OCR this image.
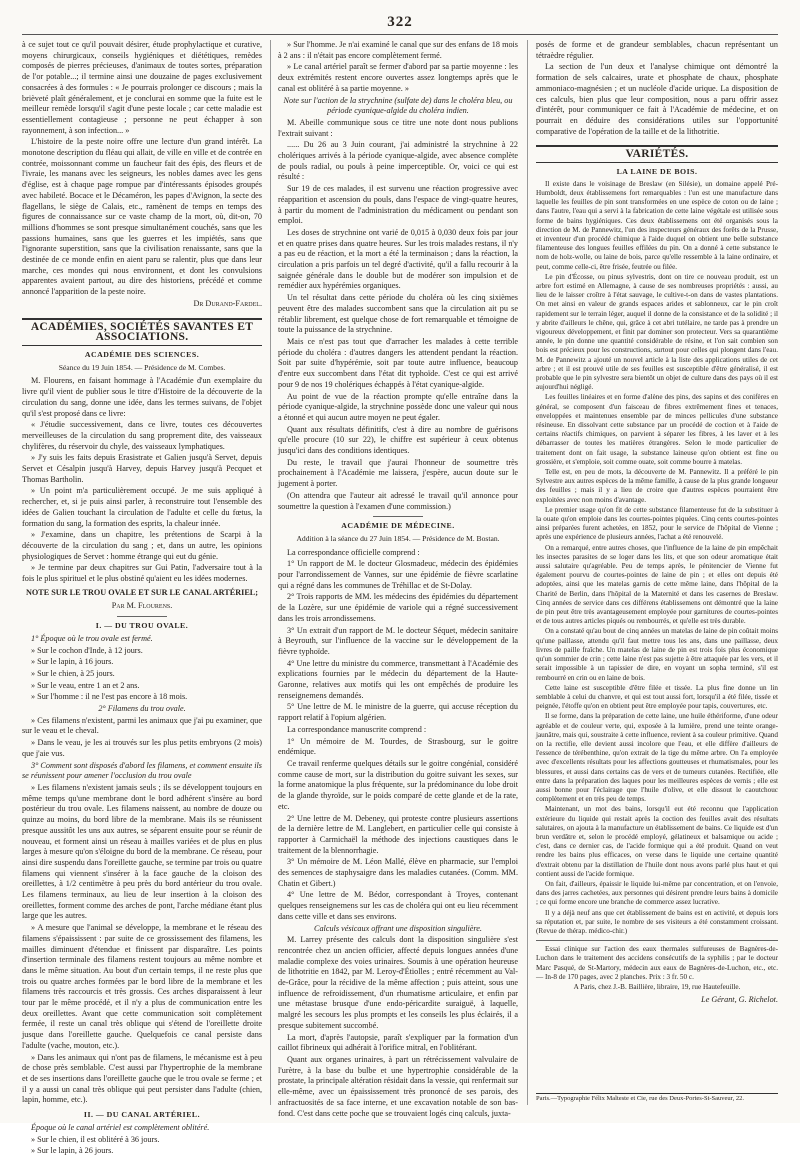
322

à ce sujet tout ce qu'il pouvait désirer, étude prophylactique et curative, moyens chirurgicaux, conseils hygiéniques et diététiques, remèdes composés de pierres précieuses, d'animaux de toutes sortes, préparation de l'or potable...; il termine ainsi une douzaine de pages exclusivement consacrées à des formules : « Je pourrais prolonger ce discours ; mais la brièveté plaît généralement, et je conclurai en somme que la fuite est le meilleur remède lorsqu'il s'agit d'une peste locale ; car cette maladie est essentiellement contagieuse ; personne ne peut échapper à son rayonnement, à son infection... »

L'histoire de la peste noire offre une lecture d'un grand intérêt. La monotone description du fléau qui allait, de ville en ville et de contrée en contrée, moissonnant comme un faucheur fait des épis, des fleurs et de l'ivraie, les manans avec les seigneurs, les nobles dames avec les gens d'église, est à chaque page rompue par d'intéressants épisodes groupés avec habileté. Bocace et le Décaméron, les papes d'Avignon, la secte des flagellans, le siège de Calais, etc., ramènent de temps en temps des figures de connaissance sur ce vaste champ de la mort, où, dit-on, 70 millions d'hommes se sont presque simultanément couchés, sans que les passions humaines, sans que les guerres et les impiétés, sans que l'ignorante superstition, sans que la civilisation renaissante, sans que la destinée de ce monde enfin en aient paru se ralentir, plus que dans leur marche, ces mondes qui nous environnent, et dont les convulsions apparentes avaient partout, au dire des historiens, précédé et comme annoncé l'apparition de la peste noire.

Dr Durand-Fardel.
ACADÉMIES, SOCIÉTÉS SAVANTES ET ASSOCIATIONS.
ACADÉMIE DES SCIENCES.
Séance du 19 Juin 1854. — Présidence de M. Combes.

M. Flourens, en faisant hommage à l'Académie d'un exemplaire du livre qu'il vient de publier sous le titre d'Histoire de la découverte de la circulation du sang, donne une idée, dans les termes suivans, de l'objet qu'il s'est proposé dans ce livre:

« J'étudie successivement, dans ce livre, toutes ces découvertes merveilleuses de la circulation du sang proprement dite, des vaisseaux chylifères, du réservoir du chyle, des vaisseaux lymphatiques.

» J'y suis les faits depuis Erasistrate et Galien jusqu'à Servet, depuis Servet et Césalpin jusqu'à Harvey, depuis Harvey jusqu'à Pecquet et Thomas Bartholin.

» Un point m'a particulièrement occupé. Je me suis appliqué à rechercher, et, si je puis ainsi parler, à reconstruire tout l'ensemble des idées de Galien touchant la circulation de l'adulte et celle du fœtus, la formation du sang, la formation des esprits, la chaleur innée.

» J'examine, dans un chapitre, les prétentions de Scarpi à la découverte de la circulation du sang ; et, dans un autre, les opinions physiologiques de Servet : homme étrange qui eut du génie.

» Je termine par deux chapitres sur Gui Patin, l'adversaire tout à la fois le plus spirituel et le plus obstiné qu'aient eu les idées modernes.

NOTE SUR LE TROU OVALE ET SUR LE CANAL ARTÉRIEL;
Par M. Flourens.
I. — DU TROU OVALE.

1° Époque où le trou ovale est fermé.

» Sur le cochon d'Inde, à 12 jours.

» Sur le lapin, à 16 jours.

» Sur le chien, à 25 jours.

» Sur le veau, entre 1 an et 2 ans.

» Sur l'homme : il ne l'est pas encore à 18 mois.

2° Filamens du trou ovale.

» Ces filamens n'existent, parmi les animaux que j'ai pu examiner, que sur le veau et le cheval.

» Dans le veau, je les ai trouvés sur les plus petits embryons (2 mois) que j'aie vus.

3° Comment sont disposés d'abord les filamens, et comment ensuite ils se réunissent pour amener l'occlusion du trou ovale

» Les filamens n'existent jamais seuls ; ils se développent toujours en même temps qu'une membrane dont le bord adhérent s'insère au bord postérieur du trou ovale. Les filamens naissent, au nombre de douze ou quinze au moins, du bord libre de la membrane. Mais ils se réunissent presque aussitôt les uns aux autres, se séparent ensuite pour se réunir de nouveau, et forment ainsi un réseau à mailles variées et de plus en plus larges à mesure qu'on s'éloigne du bord de la membrane. Ce réseau, pour ainsi dire suspendu dans l'oreillette gauche, se termine par trois ou quatre filamens qui viennent s'insérer à la face gauche de la cloison des oreillettes, à 1/2 centimètre à peu près du bord antérieur du trou ovale. Les filamens terminaux, au lieu de leur insertion à la cloison des oreillettes, forment comme des arches de pont, l'arche médiane étant plus large que les autres.

» A mesure que l'animal se développe, la membrane et le réseau des filamens s'épaississent : par suite de ce grossissement des filamens, les mailles diminuent d'étendue et finissent par disparaître. Les points d'insertion terminale des filamens restent toujours au même nombre et dans le même situation. Au bout d'un certain temps, il ne reste plus que trois ou quatre arches formées par le bord libre de la membrane et les filamens très raccourcis et très grossis. Ces arches disparaissent à leur tour par le même procédé, et il n'y a plus de communication entre les deux oreillettes. Avant que cette communication soit complètement fermée, il reste un canal très oblique qui s'étend de l'oreillette droite jusque dans l'oreillette gauche. Quelquefois ce canal persiste dans l'adulte (vache, mouton, etc.).

» Dans les animaux qui n'ont pas de filamens, le mécanisme est à peu de chose près semblable. C'est aussi par l'hypertrophie de la membrane et de ses insertions dans l'oreillette gauche que le trou ovale se ferme ; et il y a aussi un canal très oblique qui peut persister dans l'adulte (chien, lapin, homme, etc.).

II. — DU CANAL ARTÉRIEL.

Époque où le canal artériel est complètement oblitéré.

» Sur le chien, il est oblitéré à 36 jours.

» Sur le lapin, à 26 jours.

» Sur l'homme. Je n'ai examiné le canal que sur des enfans de 18 mois à 2 ans : il n'était pas encore complètement fermé.

» Le canal artériel paraît se fermer d'abord par sa partie moyenne : les deux extrémités restent encore ouvertes assez longtemps après que le canal est oblitéré à sa partie moyenne. »

Note sur l'action de la strychnine (sulfate de) dans le choléra bleu, ou période cyanique-algide du choléra indien.

M. Abeille communique sous ce titre une note dont nous publions l'extrait suivant :

...... Du 26 au 3 Juin courant, j'ai administré la strychnine à 22 cholériques arrivés à la période cyanique-algide, avec absence complète de pouls radial, ou pouls à peine imperceptible. Or, voici ce qui est résulté :

Sur 19 de ces malades, il est survenu une réaction progressive avec réapparition et ascension du pouls, dans l'espace de vingt-quatre heures, à partir du moment de l'administration du médicament ou pendant son emploi.

Les doses de strychnine ont varié de 0,015 à 0,030 deux fois par jour et en quatre prises dans quatre heures. Sur les trois malades restans, il n'y a pas eu de réaction, et la mort a été la terminaison ; dans la réaction, la circulation a pris parfois un tel degré d'activité, qu'il a fallu recourir à la saignée générale dans le double but de modérer son impulsion et de remédier aux hypérémies organiques.

Un tel résultat dans cette période du choléra où les cinq sixièmes peuvent être des malades succombent sans que la circulation ait pu se rétablir librement, est quelque chose de fort remarquable et témoigne de toute la puissance de la strychnine.

Mais ce n'est pas tout que d'arracher les malades à cette terrible période du choléra : d'autres dangers les attendent pendant la réaction. Soit par suite d'hypérémie, soit par toute autre influence, beaucoup d'entre eux succombent dans l'état dit typhoïde. C'est ce qui est arrivé pour 9 de nos 19 cholériques échappés à l'état cyanique-algide.

Au point de vue de la réaction prompte qu'elle entraîne dans la période cyanique-algide, la strychnine possède donc une valeur qui nous a étonné et qui aucun autre moyen ne peut égaler.

Quant aux résultats définitifs, c'est à dire au nombre de guérisons qu'elle procure (10 sur 22), le chiffre est supérieur à ceux obtenus jusqu'ici dans des conditions identiques.

Du reste, le travail que j'aurai l'honneur de soumettre très prochainement à l'Académie me laissera, j'espère, aucun doute sur le jugement à porter.

(On attendra que l'auteur ait adressé le travail qu'il annonce pour soumettre la question à l'examen d'une commission.)

ACADÉMIE DE MÉDECINE.
Addition à la séance du 27 Juin 1854. — Présidence de M. Bostan.

La correspondance officielle comprend :

1° Un rapport de M. le docteur Glosmadeuc, médecin des épidémies pour l'arrondissement de Vannes, sur une épidémie de fièvre scarlatine qui a régné dans les communes de Tréhillac et de St-Dolay.

2° Trois rapports de MM. les médecins des épidémies du département de la Lozère, sur une épidémie de variole qui a régné successivement dans les trois arrondissemens.

3° Un extrait d'un rapport de M. le docteur Séquet, médecin sanitaire à Beyrouth, sur l'influence de la vaccine sur le développement de la fièvre typhoïde.

4° Une lettre du ministre du commerce, transmettant à l'Académie des explications fournies par le médecin du département de la Haute-Garonne, relatives aux motifs qui les ont empêchés de produire les renseignemens demandés.

5° Une lettre de M. le ministre de la guerre, qui accuse réception du rapport relatif à l'opium algérien.

La correspondance manuscrite comprend :

1° Un mémoire de M. Tourdes, de Strasbourg, sur le goitre endémique.

Ce travail renferme quelques détails sur le goitre congénial, considéré comme cause de mort, sur la distribution du goitre suivant les sexes, sur la forme anatomique la plus fréquente, sur la prédominance du lobe droit de la glande thyroïde, sur le poids comparé de cette glande et de la rate, etc.

2° Une lettre de M. Debeney, qui proteste contre plusieurs assertions de la dernière lettre de M. Langlebert, en particulier celle qui consiste à rapporter à Carmichaël la méthode des injections caustiques dans le traitement de la blennorrhagie.

3° Un mémoire de M. Léon Mallé, élève en pharmacie, sur l'emploi des semences de staphysaigre dans les maladies cutanées. (Comm. MM. Chatin et Gibert.)

4° Une lettre de M. Bédor, correspondant à Troyes, contenant quelques renseignemens sur les cas de choléra qui ont eu lieu récemment dans cette ville et dans ses environs.

Calculs vésicaux offrant une disposition singulière.

M. Larrey présente des calculs dont la disposition singulière s'est rencontrée chez un ancien officier, affecté depuis longues années d'une maladie complexe des voies urinaires. Soumis à une opération heureuse de lithotritie en 1842, par M. Leroy-d'Étiolles ; entré récemment au Val-de-Grâce, pour la récidive de la même affection ; puis atteint, sous une influence de refroidissement, d'un rhumatisme articulaire, et enfin par une métastase brusque d'une endo-péricardite suraiguë, à laquelle, malgré les secours les plus prompts et les conseils les plus éclairés, il a presque subitement succombé.

La mort, d'après l'autopsie, paraît s'expliquer par la formation d'un caillot fibrineux qui adhérait à l'orifice mitral, en l'oblitérant.

Quant aux organes urinaires, à part un rétrécissement valvulaire de l'urètre, à la base du bulbe et une hypertrophie considérable de la prostate, la principale altération résidait dans la vessie, qui renfermait sur elle-même, avec un épaississement très prononcé de ses parois, des anfractuosités de sa face interne, et une excavation notable de son bas-fond. C'est dans cette poche que se trouvaient logés cinq calculs, juxta-

posés de forme et de grandeur semblables, chacun représentant un tétraèdre régulier.

La section de l'un deux et l'analyse chimique ont démontré la formation de sels calcaires, urate et phosphate de chaux, phosphate ammoniaco-magnésien ; et un nucléole d'acide urique. La disposition de ces calculs, bien plus que leur composition, nous a paru offrir assez d'intérêt, pour communiquer ce fait à l'Académie de médecine, et on pourrait en déduire des considérations utiles sur l'opportunité comparative de l'opération de la taille et de la lithotritie.

VARIÉTÉS.
LA LAINE DE BOIS.

Il existe dans le voisinage de Breslaw (en Silésie), un domaine appelé Pré-Humboldt, deux établissemens fort remarquables : l'un est une manufacture dans laquelle les feuilles de pin sont transformées en une espèce de coton ou de laine ; dans l'autre, l'eau qui a servi à la fabrication de cette laine végétale est utilisée sous forme de bains hygiéniques. Ces deux établissemens ont été organisés sous la direction de M. de Pannewitz, l'un des inspecteurs généraux des forêts de la Prusse, et inventeur d'un procédé chimique à l'aide duquel on obtient une belle substance filamenteuse des longues feuilles effilées du pin. On a donné à cette substance le nom de holz-wolle, ou laine de bois, parce qu'elle ressemble à la laine ordinaire, et peut, comme celle-ci, être frisée, feutrée ou filée.

Le pin d'Écosse, ou pinus sylvestris, dont on tire ce nouveau produit, est un arbre fort estimé en Allemagne, à cause de ses nombreuses propriétés : aussi, au lieu de le laisser croître à l'état sauvage, le cultive-t-on dans de vastes plantations. On met ainsi en valeur de grands espaces arides et sablonneux, car le pin croît rapidement sur le terrain léger, auquel il donne de la consistance et de la solidité ; il y abrite d'ailleurs le chêne, qui, grâce à cet abri tutélaire, ne tarde pas à prendre un vigoureux développement, et finit par dominer son protecteur. Vers sa quarantième année, le pin donne une quantité considérable de résine, et l'on sait combien son bois est précieux pour les constructions, surtout pour celles qui plongent dans l'eau. M. de Pannewitz a ajouté un nouvel article à la liste des applications utiles de cet arbre ; et il est prouvé utile de ses feuilles est susceptible d'être généralisé, il est probable que le pin sylvestre sera bientôt un objet de culture dans des pays où il est aujourd'hui négligé.

Les feuilles linéaires et en forme d'alène des pins, des sapins et des conifères en général, se composent d'un faisceau de fibres extrêmement fines et tenaces, enveloppées et maintenues ensemble par de minces pellicules d'une substance résineuse. En dissolvant cette substance par un procédé de coction et à l'aide de certains réactifs chimiques, on parvient à séparer les fibres, à les laver et à les débarrasser de toutes les matières étrangères. Selon le mode particulier de traitement dont on fait usage, la substance laineuse qu'on obtient est fine ou grossière, et s'emploie, soit comme ouate, soit comme bourre à matelas.

Telle est, en peu de mots, la découverte de M. Pannewitz. Il a préféré le pin Sylvestre aux autres espèces de la même famille, à cause de la plus grande longueur des feuilles ; mais il y a lieu de croire que d'autres espèces pourraient être exploitées avec non moins d'avantage.

Le premier usage qu'on fit de cette substance filamenteuse fut de la substituer à la ouate qu'on emploie dans les courtes-pointes piquées. Cinq cents courtes-pointes ainsi préparées furent achetées, en 1852, pour le service de l'hôpital de Vienne ; après une expérience de plusieurs années, l'achat a été renouvelé.

On a remarqué, entre autres choses, que l'influence de la laine de pin empêchait les insectes parasites de se loger dans les lits, et que son odeur aromatique était aussi salutaire qu'agréable. Peu de temps après, le pénitencier de Vienne fut également pourvu de courtes-pointes de laine de pin ; et elles ont depuis été adoptées, ainsi que les matelas garnis de cette même laine, dans l'hôpital de la Charité de Berlin, dans l'hôpital de la Maternité et dans les casernes de Breslaw. Cinq années de service dans ces différens établissemens ont démontré que la laine de pin peut être très avantageusement employée pour garnitures de courtes-pointes et de tous autres articles piqués ou rembourrés, et qu'elle est très durable.

On a constaté qu'au bout de cinq années un matelas de laine de pin coûtait moins qu'une paillasse, attendu qu'il faut mettre tous les ans, dans une paillasse, deux livres de paille fraîche. Un matelas de laine de pin est trois fois plus économique qu'un sommier de crin ; cette laine n'est pas sujette à être attaquée par les vers, et il serait impossible à un tapissier de dire, en voyant un sopha terminé, s'il est rembourré en crin ou en laine de bois.

Cette laine est susceptible d'être filée et tissée. La plus fine donne un lin semblable à celui du chanvre, et qui est tout aussi fort, lorsqu'il a été filée, tissée et peignée, l'étoffe qu'on en obtient peut être employée pour tapis, couvertures, etc.

Il se forme, dans la préparation de cette laine, une huile éthériforme, d'une odeur agréable et de couleur verte, qui, exposée à la lumière, prend une teinte orange-jaunâtre, mais qui, soustraite à cette influence, revient à sa couleur primitive. Quand on la rectifie, elle devient aussi incolore que l'eau, et elle diffère d'ailleurs de l'essence de térébenthine, qu'on extrait de la tige du même arbre. On l'a employée avec d'excellents résultats pour les affections goutteuses et rhumatismales, pour les blessures, et aussi dans certains cas de vers et de tumeurs cutanées. Rectifiée, elle entre dans la préparation des laques pour les meilleures espèces de vernis ; elle est aussi bonne pour l'éclairage que l'huile d'olive, et elle dissout le caoutchouc complètement et en très peu de temps.

Maintenant, un mot des bains, lorsqu'il eut été reconnu que l'application extérieure du liquide qui restait après la coction des feuilles avait des résultats salutaires, on ajouta à la manufacture un établissement de bains. Ce liquide est d'un brun verdâtre et, selon le procédé employé, gélatineux et balsamique ou acide ; c'est, dans ce dernier cas, de l'acide formique qui a été produit. Quand on veut rendre les bains plus efficaces, on verse dans le liquide une certaine quantité d'extrait obtenu par la distillation de l'huile dont nous avons parlé plus haut et qui contient aussi de l'acide formique.

On fait, d'ailleurs, épaissir le liquide lui-même par concentration, et on l'envoie, dans des jarres cachetées, aux personnes qui désirent prendre leurs bains à domicile ; ce qui forme encore une branche de commerce assez lucrative.

Il y a déjà neuf ans que cet établissement de bains est en activité, et depuis lors sa réputation et, par suite, le nombre de ses visiteurs a été constamment croissant. (Revue de thérap. médico-chir.)

Essai clinique sur l'action des eaux thermales sulfureuses de Bagnères-de-Luchon dans le traitement des accidens consécutifs de la syphilis ; par le docteur Marc Pasqué, de St-Martory, médecin aux eaux de Bagnères-de-Luchon, etc., etc. — In-8 de 170 pages, avec 2 planches. Prix : 3 fr. 50 c.

A Paris, chez J.-B. Baillière, libraire, 19, rue Hautefeuille.

Le Gérant, G. Richelot.
Paris.—Typographie Félix Malteste et Cie, rue des Deux-Portes-St-Sauveur, 22.
